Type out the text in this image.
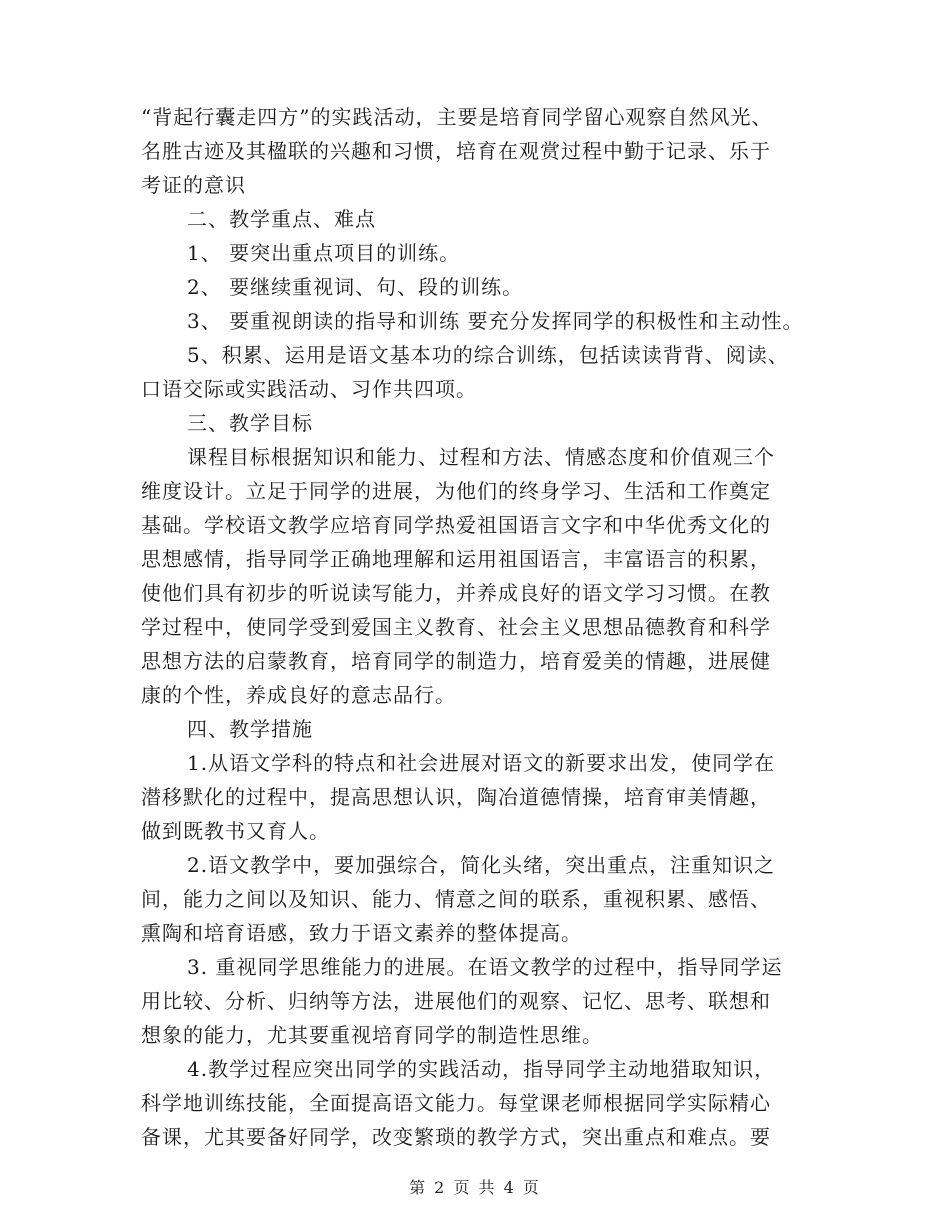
“背起行囊走四方”的实践活动，主要是培育同学留心观察自然风光、
名胜古迹及其楹联的兴趣和习惯，培育在观赏过程中勤于记录、乐于
考证的意识
二、教学重点、难点
1、 要突出重点项目的训练。
2、 要继续重视词、句、段的训练。
3、 要重视朗读的指导和训练 要充分发挥同学的积极性和主动性。
5、积累、运用是语文基本功的综合训练，包括读读背背、阅读、
口语交际或实践活动、习作共四项。
三、教学目标
课程目标根据知识和能力、过程和方法、情感态度和价值观三个
维度设计。立足于同学的进展，为他们的终身学习、生活和工作奠定
基础。学校语文教学应培育同学热爱祖国语言文字和中华优秀文化的
思想感情，指导同学正确地理解和运用祖国语言，丰富语言的积累，
使他们具有初步的听说读写能力，并养成良好的语文学习习惯。在教
学过程中，使同学受到爱国主义教育、社会主义思想品德教育和科学
思想方法的启蒙教育，培育同学的制造力，培育爱美的情趣，进展健
康的个性，养成良好的意志品行。
四、教学措施
1.从语文学科的特点和社会进展对语文的新要求出发，使同学在
潜移默化的过程中，提高思想认识，陶冶道德情操，培育审美情趣，
做到既教书又育人。
2.语文教学中，要加强综合，简化头绪，突出重点，注重知识之
间，能力之间以及知识、能力、情意之间的联系，重视积累、感悟、
熏陶和培育语感，致力于语文素养的整体提高。
3. 重视同学思维能力的进展。在语文教学的过程中，指导同学运
用比较、分析、归纳等方法，进展他们的观察、记忆、思考、联想和
想象的能力，尤其要重视培育同学的制造性思维。
4.教学过程应突出同学的实践活动，指导同学主动地猎取知识，
科学地训练技能，全面提高语文能力。每堂课老师根据同学实际精心
备课，尤其要备好同学，改变繁琐的教学方式，突出重点和难点。要
第 2 页 共 4 页
